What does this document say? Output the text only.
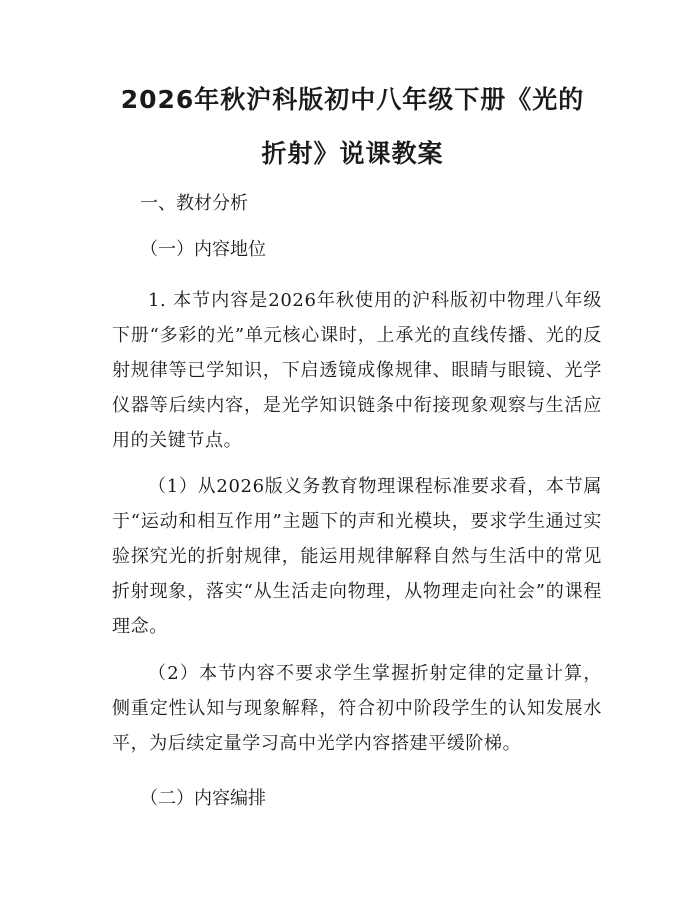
2026年秋沪科版初中八年级下册《光的折射》说课教案
一、教材分析
（一）内容地位
1. 本节内容是2026年秋使用的沪科版初中物理八年级下册“多彩的光”单元核心课时，上承光的直线传播、光的反射规律等已学知识，下启透镜成像规律、眼睛与眼镜、光学仪器等后续内容，是光学知识链条中衔接现象观察与生活应用的关键节点。
（1）从2026版义务教育物理课程标准要求看，本节属于“运动和相互作用”主题下的声和光模块，要求学生通过实验探究光的折射规律，能运用规律解释自然与生活中的常见折射现象，落实“从生活走向物理，从物理走向社会”的课程理念。
（2）本节内容不要求学生掌握折射定律的定量计算，侧重定性认知与现象解释，符合初中阶段学生的认知发展水平，为后续定量学习高中光学内容搭建平缓阶梯。
（二）内容编排
